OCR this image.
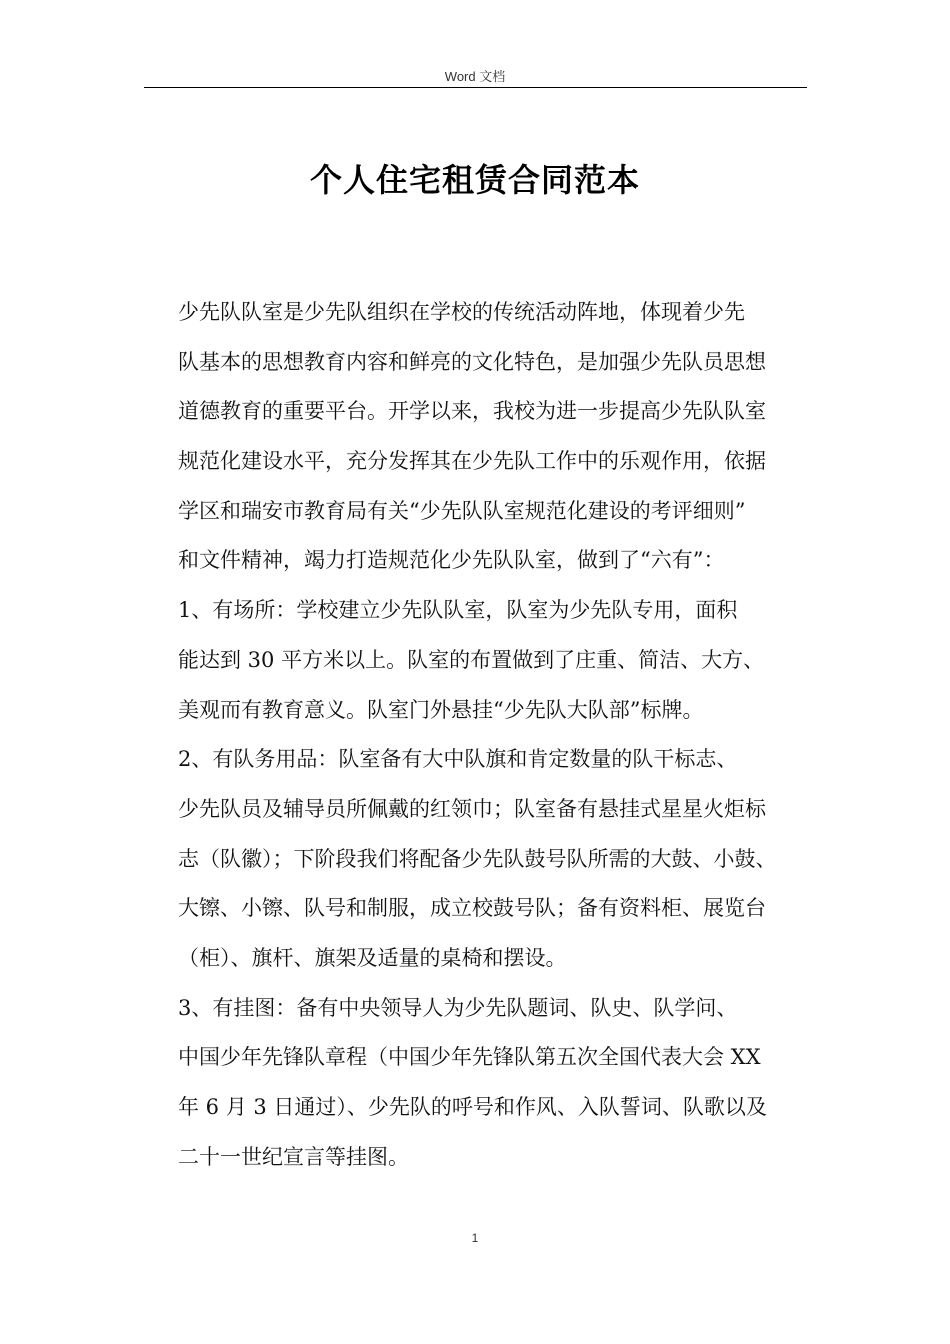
Word 文档
个人住宅租赁合同范本
少先队队室是少先队组织在学校的传统活动阵地，体现着少先
队基本的思想教育内容和鲜亮的文化特色，是加强少先队员思想
道德教育的重要平台。开学以来，我校为进一步提高少先队队室
规范化建设水平，充分发挥其在少先队工作中的乐观作用，依据
学区和瑞安市教育局有关“少先队队室规范化建设的考评细则”
和文件精神，竭力打造规范化少先队队室，做到了“六有”：
1、有场所：学校建立少先队队室，队室为少先队专用，面积
能达到 30 平方米以上。队室的布置做到了庄重、简洁、大方、
美观而有教育意义。队室门外悬挂“少先队大队部”标牌。
2、有队务用品：队室备有大中队旗和肯定数量的队干标志、
少先队员及辅导员所佩戴的红领巾；队室备有悬挂式星星火炬标
志（队徽）；下阶段我们将配备少先队鼓号队所需的大鼓、小鼓、
大镲、小镲、队号和制服，成立校鼓号队；备有资料柜、展览台
（柜）、旗杆、旗架及适量的桌椅和摆设。
3、有挂图：备有中央领导人为少先队题词、队史、队学问、
中国少年先锋队章程（中国少年先锋队第五次全国代表大会 XX
年 6 月 3 日通过）、少先队的呼号和作风、入队誓词、队歌以及
二十一世纪宣言等挂图。
1
